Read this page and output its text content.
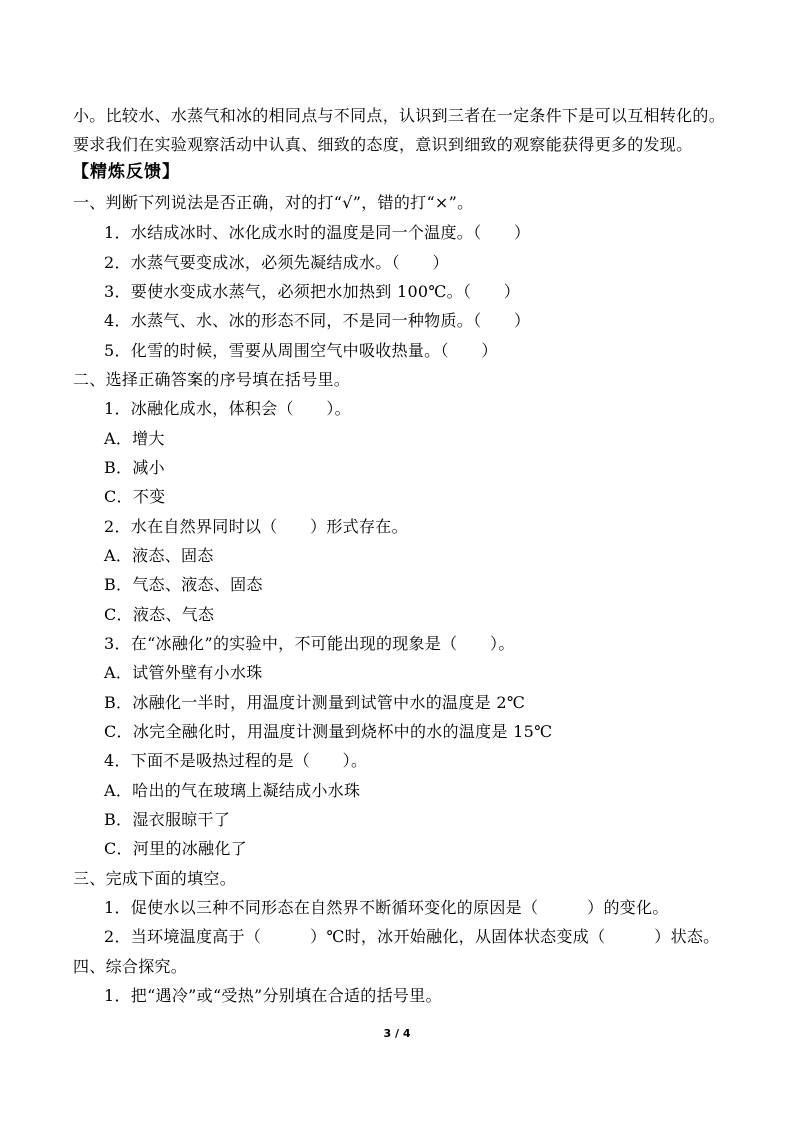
小。比较水、水蒸气和冰的相同点与不同点，认识到三者在一定条件下是可以互相转化的。
要求我们在实验观察活动中认真、细致的态度，意识到细致的观察能获得更多的发现。
【精炼反馈】
一、判断下列说法是否正确，对的打“√”，错的打“×”。
1．水结成冰时、冰化成水时的温度是同一个温度。（　　）
2．水蒸气要变成冰，必须先凝结成水。（　　）
3．要使水变成水蒸气，必须把水加热到 100℃。（　　）
4．水蒸气、水、冰的形态不同，不是同一种物质。（　　）
5．化雪的时候，雪要从周围空气中吸收热量。（　　）
二、选择正确答案的序号填在括号里。
1．冰融化成水，体积会（　　）。
A．增大
B．减小
C．不变
2．水在自然界同时以（　　）形式存在。
A．液态、固态
B．气态、液态、固态
C．液态、气态
3．在“冰融化”的实验中，不可能出现的现象是（　　）。
A．试管外壁有小水珠
B．冰融化一半时，用温度计测量到试管中水的温度是 2℃
C．冰完全融化时，用温度计测量到烧杯中的水的温度是 15℃
4．下面不是吸热过程的是（　　）。
A．哈出的气在玻璃上凝结成小水珠
B．湿衣服晾干了
C．河里的冰融化了
三、完成下面的填空。
1．促使水以三种不同形态在自然界不断循环变化的原因是（　　　）的变化。
2．当环境温度高于（　　　）℃时，冰开始融化，从固体状态变成（　　　）状态。
四、综合探究。
1．把“遇冷”或“受热”分别填在合适的括号里。
3 / 4
